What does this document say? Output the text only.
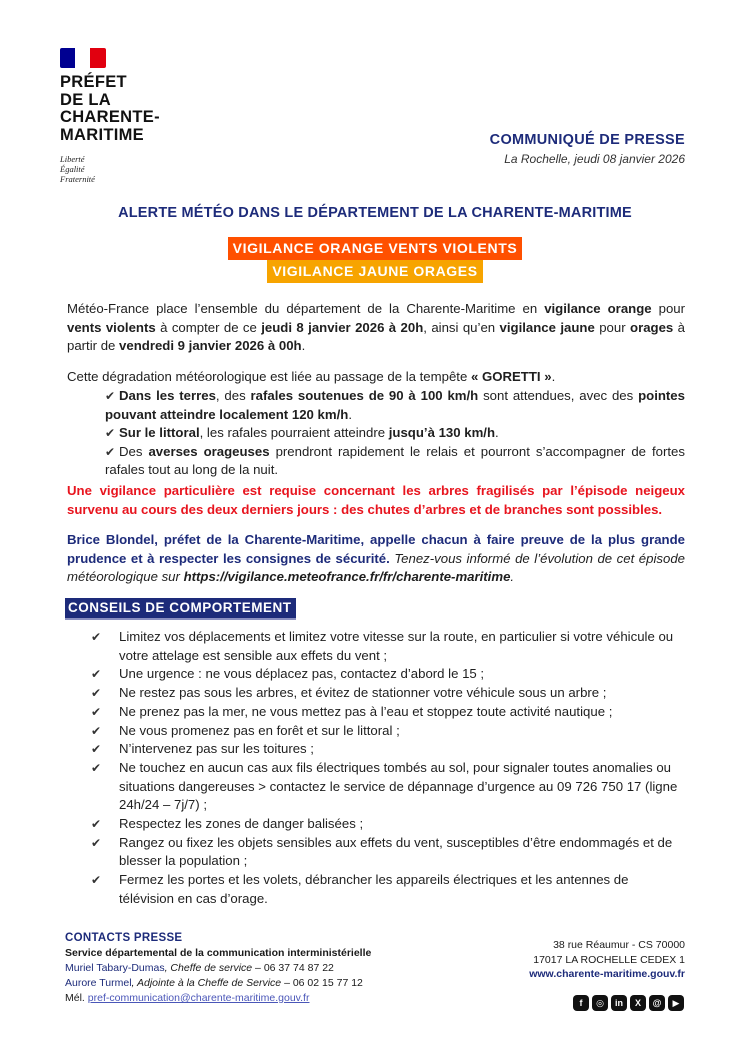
PRÉFET
DE LA
CHARENTE-
MARITIME
Liberté
Égalité
Fraternité
COMMUNIQUÉ DE PRESSE
La Rochelle, jeudi 08 janvier 2026
ALERTE MÉTÉO DANS LE DÉPARTEMENT DE LA CHARENTE-MARITIME
VIGILANCE ORANGE VENTS VIOLENTS
VIGILANCE JAUNE ORAGES
Météo-France place l’ensemble du département de la Charente-Maritime en vigilance orange pour vents violents à compter de ce jeudi 8 janvier 2026 à 20h, ainsi qu’en vigilance jaune pour orages à partir de vendredi 9 janvier 2026 à 00h.
Cette dégradation météorologique est liée au passage de la tempête « GORETTI ».
✔ Dans les terres, des rafales soutenues de 90 à 100 km/h sont attendues, avec des pointes pouvant atteindre localement 120 km/h.
✔ Sur le littoral, les rafales pourraient atteindre jusqu’à 130 km/h.
✔ Des averses orageuses prendront rapidement le relais et pourront s’accompagner de fortes rafales tout au long de la nuit.
Une vigilance particulière est requise concernant les arbres fragilisés par l’épisode neigeux survenu au cours des deux derniers jours : des chutes d’arbres et de branches sont possibles.
Brice Blondel, préfet de la Charente-Maritime, appelle chacun à faire preuve de la plus grande prudence et à respecter les consignes de sécurité. Tenez-vous informé de l’évolution de cet épisode météorologique sur https://vigilance.meteofrance.fr/fr/charente-maritime.
CONSEILS DE COMPORTEMENT
✔ Limitez vos déplacements et limitez votre vitesse sur la route, en particulier si votre véhicule ou votre attelage est sensible aux effets du vent ;
✔ Une urgence : ne vous déplacez pas, contactez d’abord le 15 ;
✔ Ne restez pas sous les arbres, et évitez de stationner votre véhicule sous un arbre ;
✔ Ne prenez pas la mer, ne vous mettez pas à l’eau et stoppez toute activité nautique ;
✔ Ne vous promenez pas en forêt et sur le littoral ;
✔ N’intervenez pas sur les toitures ;
✔ Ne touchez en aucun cas aux fils électriques tombés au sol, pour signaler toutes anomalies ou situations dangereuses > contactez le service de dépannage d’urgence au 09 726 750 17 (ligne 24h/24 – 7j/7) ;
✔ Respectez les zones de danger balisées ;
✔ Rangez ou fixez les objets sensibles aux effets du vent, susceptibles d’être endommagés et de blesser la population ;
✔ Fermez les portes et les volets, débrancher les appareils électriques et les antennes de télévision en cas d’orage.
CONTACTS PRESSE
Service départemental de la communication interministérielle
Muriel Tabary-Dumas, Cheffe de service – 06 37 74 87 22
Aurore Turmel, Adjointe à la Cheffe de Service – 06 02 15 77 12
Mél. pref-communication@charente-maritime.gouv.fr
38 rue Réaumur - CS 70000
17017 LA ROCHELLE CEDEX 1
www.charente-maritime.gouv.fr
f	◎	in	X	@	▶
